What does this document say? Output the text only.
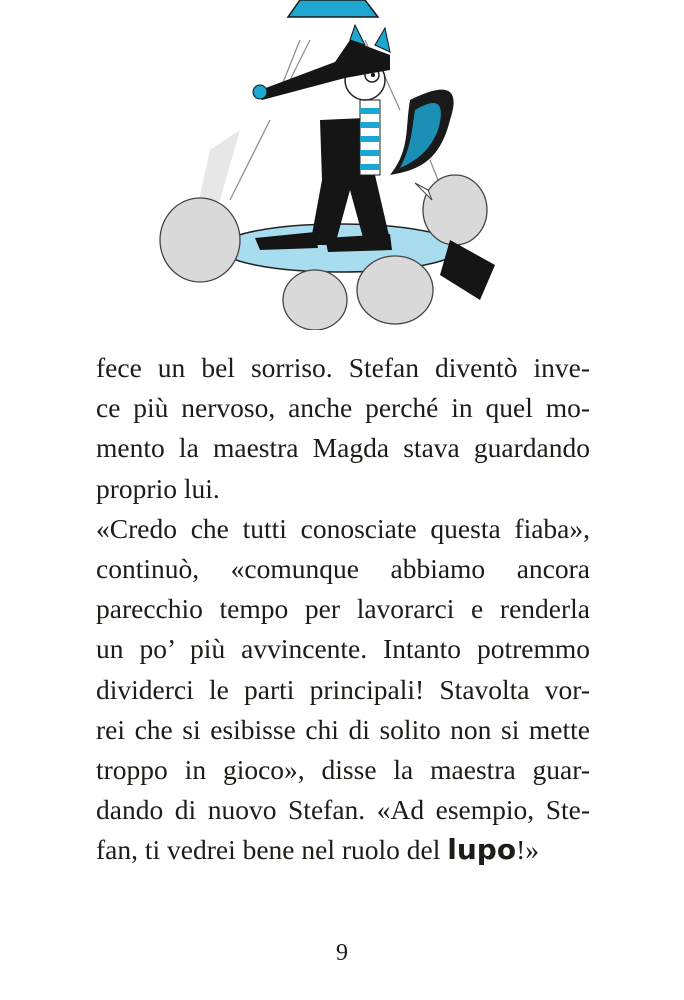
fece un bel sorriso. Stefan diventò inve-
ce più nervoso, anche perché in quel mo-
mento la maestra Magda stava guardando
proprio lui.
«Credo che tutti conosciate questa fiaba»,
continuò, «comunque abbiamo ancora
parecchio tempo per lavorarci e renderla
un po’ più avvincente. Intanto potremmo
dividerci le parti principali! Stavolta vor-
rei che si esibisse chi di solito non si mette
troppo in gioco», disse la maestra guar-
dando di nuovo Stefan. «Ad esempio, Ste-
fan, ti vedrei bene nel ruolo del lupo!»
9
